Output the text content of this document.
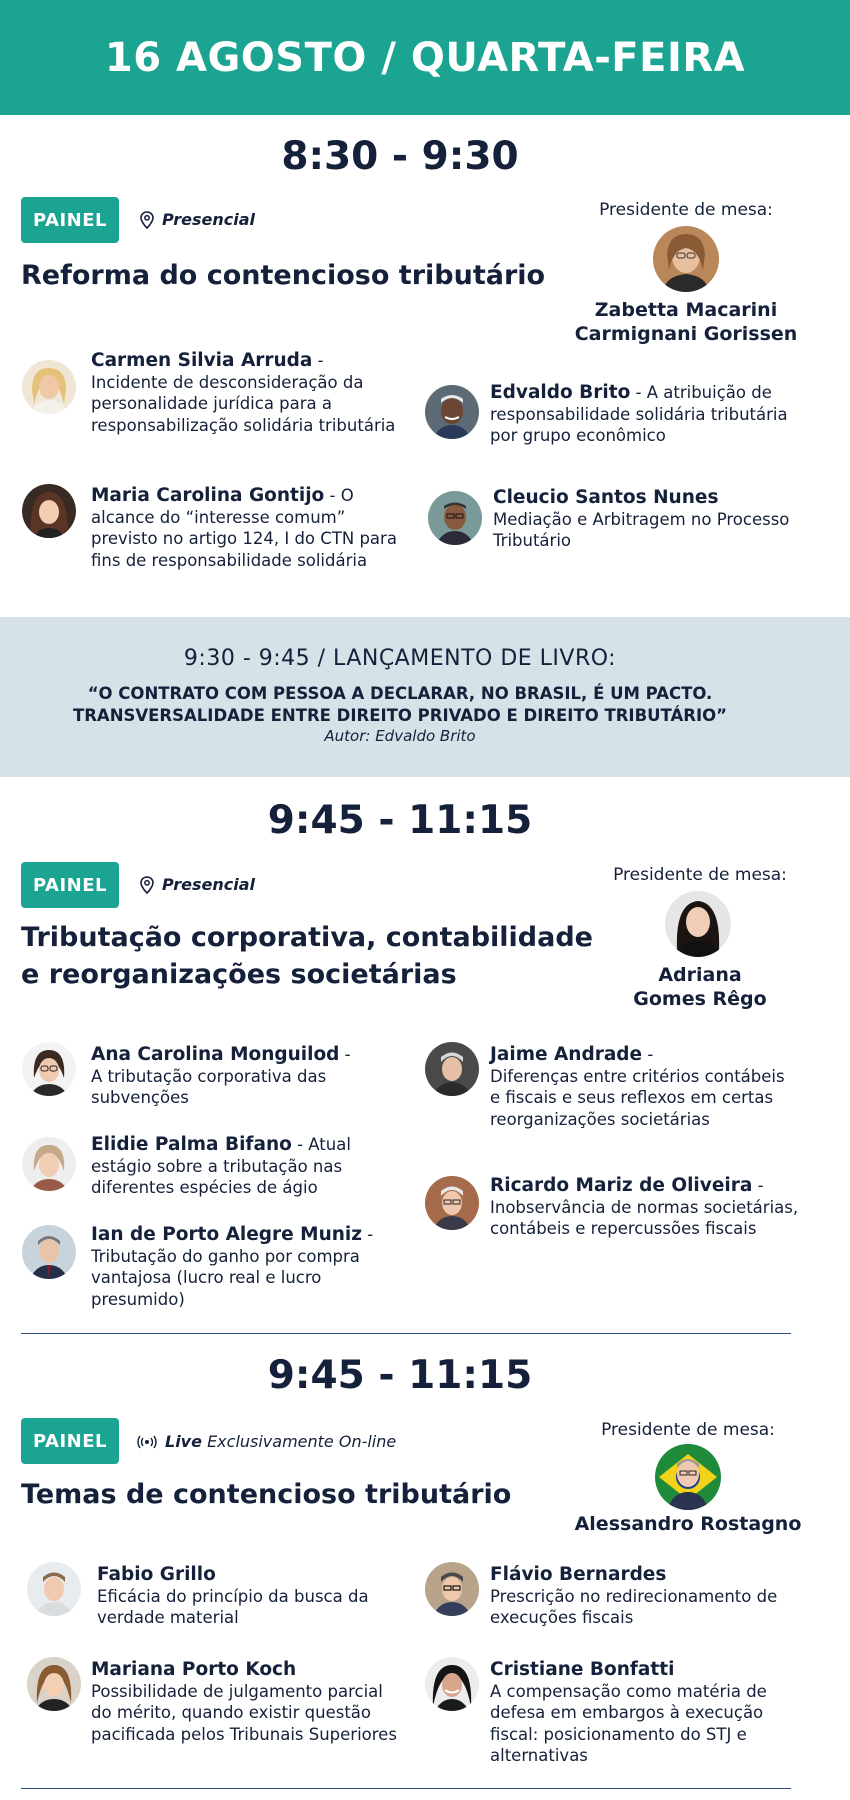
16 AGOSTO / QUARTA-FEIRA
8:30 - 9:30
PAINEL	Presencial
Reforma do contencioso tributário
Presidente de mesa:
Zabetta Macarini
Carmignani Gorissen
Carmen Silvia Arruda -
Incidente de desconsideração da personalidade jurídica para a responsabilização solidária tributária
Maria Carolina Gontijo - O
alcance do “interesse comum” previsto no artigo 124, I do CTN para fins de responsabilidade solidária
Edvaldo Brito - A atribuição de
responsabilidade solidária tributária por grupo econômico
Cleucio Santos Nunes
Mediação e Arbitragem no Processo Tributário
9:30 - 9:45 / LANÇAMENTO DE LIVRO:
“O CONTRATO COM PESSOA A DECLARAR, NO BRASIL, É UM PACTO.
TRANSVERSALIDADE ENTRE DIREITO PRIVADO E DIREITO TRIBUTÁRIO”
Autor: Edvaldo Brito
9:45 - 11:15
PAINEL	Presencial
Tributação corporativa, contabilidade
e reorganizações societárias
Presidente de mesa:
Adriana
Gomes Rêgo
Ana Carolina Monguilod -
A tributação corporativa das subvenções
Elidie Palma Bifano - Atual
estágio sobre a tributação nas diferentes espécies de ágio
Ian de Porto Alegre Muniz -
Tributação do ganho por compra vantajosa (lucro real e lucro presumido)
Jaime Andrade -
Diferenças entre critérios contábeis e fiscais e seus reflexos em certas reorganizações societárias
Ricardo Mariz de Oliveira -
Inobservância de normas societárias, contábeis e repercussões fiscais
9:45 - 11:15
PAINEL	Live Exclusivamente On-line
Temas de contencioso tributário
Presidente de mesa:
Alessandro Rostagno
Fabio Grillo
Eficácia do princípio da busca da verdade material
Mariana Porto Koch
Possibilidade de julgamento parcial do mérito, quando existir questão pacificada pelos Tribunais Superiores
Flávio Bernardes
Prescrição no redirecionamento de execuções fiscais
Cristiane Bonfatti
A compensação como matéria de defesa em embargos à execução fiscal: posicionamento do STJ e alternativas
